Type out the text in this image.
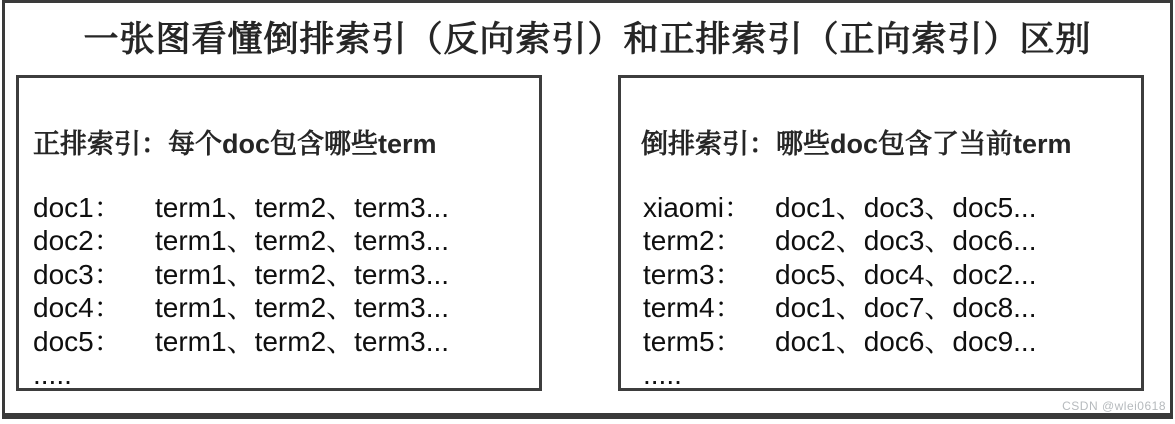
一张图看懂倒排索引（反向索引）和正排索引（正向索引）区别
正排索引：每个doc包含哪些term
doc1：	term1、term2、term3...
doc2：	term1、term2、term3...
doc3：	term1、term2、term3...
doc4：	term1、term2、term3...
doc5：	term1、term2、term3...
.....
倒排索引：哪些doc包含了当前term
xiaomi： doc1、doc3、doc5...
term2：	doc2、doc3、doc6...
term3：	doc5、doc4、doc2...
term4：	doc1、doc7、doc8...
term5：	doc1、doc6、doc9...
.....
CSDN @wlei0618
